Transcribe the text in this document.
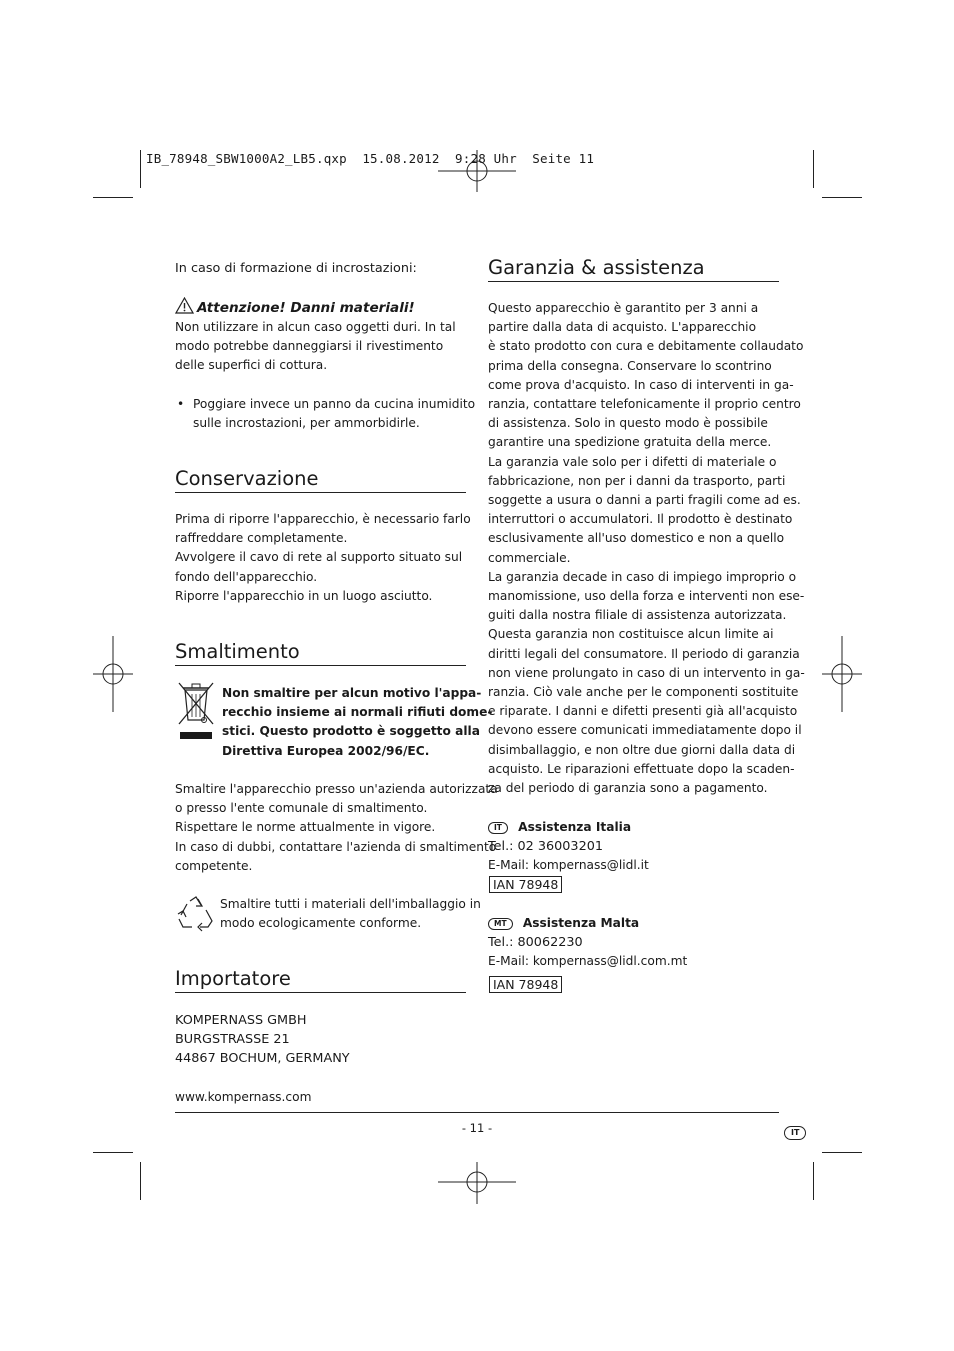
IB_78948_SBW1000A2_LB5.qxp  15.08.2012  9:28 Uhr  Seite 11
In caso di formazione di incrostazioni:
Attenzione! Danni materiali!

Non utilizzare in alcun caso oggetti duri. In tal

modo potrebbe danneggiarsi il rivestimento

delle superfici di cottura.

• Poggiare invece un panno da cucina inumidito

sulle incrostazioni, per ammorbidirle.

Conservazione

Prima di riporre l'apparecchio, è necessario farlo

raffreddare completamente.

Avvolgere il cavo di rete al supporto situato sul

fondo dell'apparecchio.

Riporre l'apparecchio in un luogo asciutto.

Smaltimento

Non smaltire per alcun motivo l'appa-

recchio insieme ai normali rifiuti dome-

stici. Questo prodotto è soggetto alla

Direttiva Europea 2002/96/EC.

Smaltire l'apparecchio presso un'azienda autorizzata

o presso l'ente comunale di smaltimento.

Rispettare le norme attualmente in vigore.

In caso di dubbi, contattare l'azienda di smaltimento

competente.

Smaltire tutti i materiali dell'imballaggio in

modo ecologicamente conforme.

Importatore

KOMPERNASS GMBH

BURGSTRASSE 21

44867 BOCHUM, GERMANY

www.kompernass.com
Garanzia & assistenza

Questo apparecchio è garantito per 3 anni a

partire dalla data di acquisto. L'apparecchio

è stato prodotto con cura e debitamente collaudato

prima della consegna. Conservare lo scontrino

come prova d'acquisto. In caso di interventi in ga-

ranzia, contattare telefonicamente il proprio centro

di assistenza. Solo in questo modo è possibile

garantire una spedizione gratuita della merce.

La garanzia vale solo per i difetti di materiale o

fabbricazione, non per i danni da trasporto, parti

soggette a usura o danni a parti fragili come ad es.

interruttori o accumulatori. Il prodotto è destinato

esclusivamente all'uso domestico e non a quello

commerciale.

La garanzia decade in caso di impiego improprio o

manomissione, uso della forza e interventi non ese-

guiti dalla nostra filiale di assistenza autorizzata.

Questa garanzia non costituisce alcun limite ai

diritti legali del consumatore. Il periodo di garanzia

non viene prolungato in caso di un intervento in ga-

ranzia. Ciò vale anche per le componenti sostituite

e riparate. I danni e difetti presenti già all'acquisto

devono essere comunicati immediatamente dopo il

disimballaggio, e non oltre due giorni dalla data di

acquisto. Le riparazioni effettuate dopo la scaden-

za del periodo di garanzia sono a pagamento.

IT Assistenza Italia

Tel.: 02 36003201

E-Mail: kompernass@lidl.it

IAN 78948

MT Assistenza Malta

Tel.: 80062230

E-Mail: kompernass@lidl.com.mt

IAN 78948
- 11 -	IT
